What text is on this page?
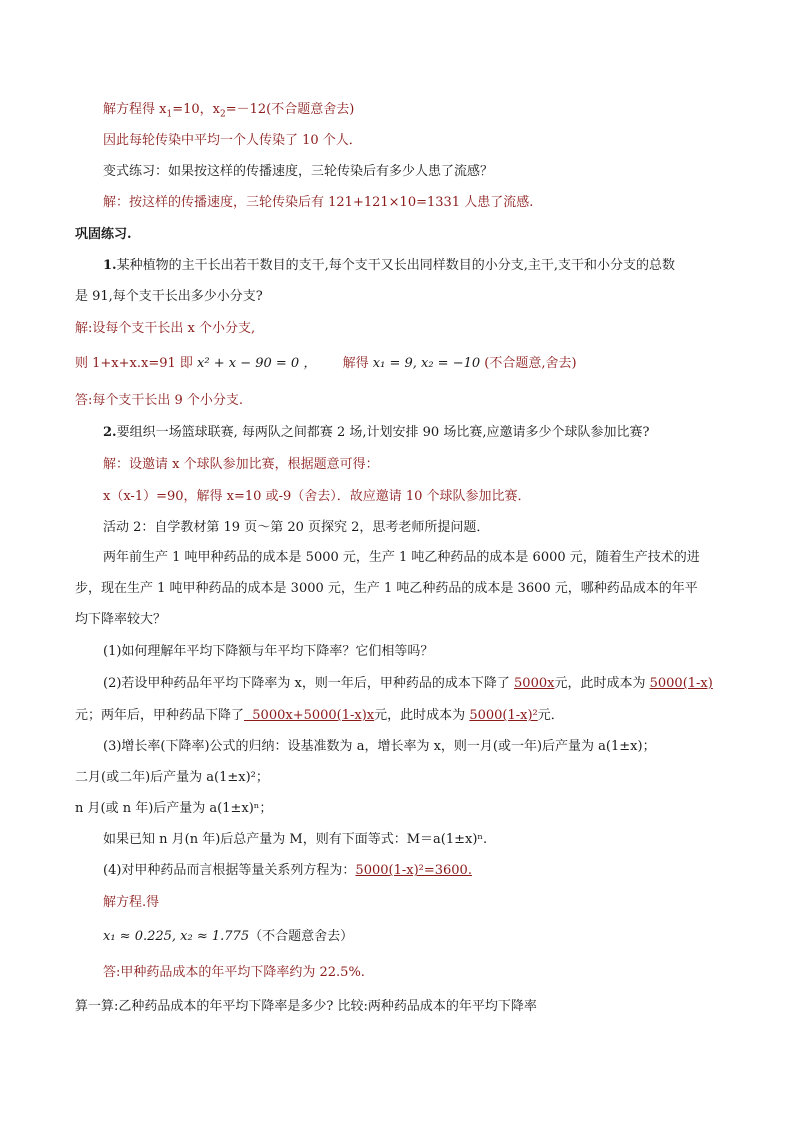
解方程得 $x_1=10$，$x_2=-12$(不合题意舍去)
因此每轮传染中平均一个人传染了 10 个人．
变式练习：如果按这样的传播速度，三轮传染后有多少人患了流感？
解：按这样的传播速度，三轮传染后有 121+121×10=1331 人患了流感.
巩固练习.
1.某种植物的主干长出若干数目的支干,每个支干又长出同样数目的小分支,主干,支干和小分支的总数
是 91,每个支干长出多少小分支?
解:设每个支干长出 x 个小分支,
则 1+x+x.x=91 即 x² + x − 90 = 0 ， 解得 x₁ = 9, x₂ = −10 (不合题意,舍去)
答:每个支干长出 9 个小分支.
2.要组织一场篮球联赛, 每两队之间都赛 2 场,计划安排 90 场比赛,应邀请多少个球队参加比赛?
解：设邀请 x 个球队参加比赛，根据题意可得：
x（x-1）=90，解得 x=10 或-9（舍去）．故应邀请 10 个球队参加比赛．
活动 2：自学教材第 19 页～第 20 页探究 2，思考老师所提问题．
两年前生产 1 吨甲种药品的成本是 5000 元，生产 1 吨乙种药品的成本是 6000 元，随着生产技术的进
步，现在生产 1 吨甲种药品的成本是 3000 元，生产 1 吨乙种药品的成本是 3600 元，哪种药品成本的年平
均下降率较大？
(1)如何理解年平均下降额与年平均下降率？它们相等吗？
(2)若设甲种药品年平均下降率为 x，则一年后，甲种药品的成本下降了 5000x元，此时成本为 5000(1-x)
元；两年后，甲种药品下降了  5000x+5000(1-x)x元，此时成本为 5000(1-x)²元．
(3)增长率(下降率)公式的归纳：设基准数为 a，增长率为 x，则一月(或一年)后产量为 a(1±x)；
二月(或二年)后产量为 a(1±x)²；
n 月(或 n 年)后产量为 a(1±x)ⁿ；
如果已知 n 月(n 年)后总产量为 M，则有下面等式：M＝a(1±x)ⁿ.
(4)对甲种药品而言根据等量关系列方程为：5000(1-x)²=3600.
解方程.得
x₁ ≈ 0.225, x₂ ≈ 1.775（不合题意舍去）
答:甲种药品成本的年平均下降率约为 22.5%.
算一算:乙种药品成本的年平均下降率是多少? 比较:两种药品成本的年平均下降率
